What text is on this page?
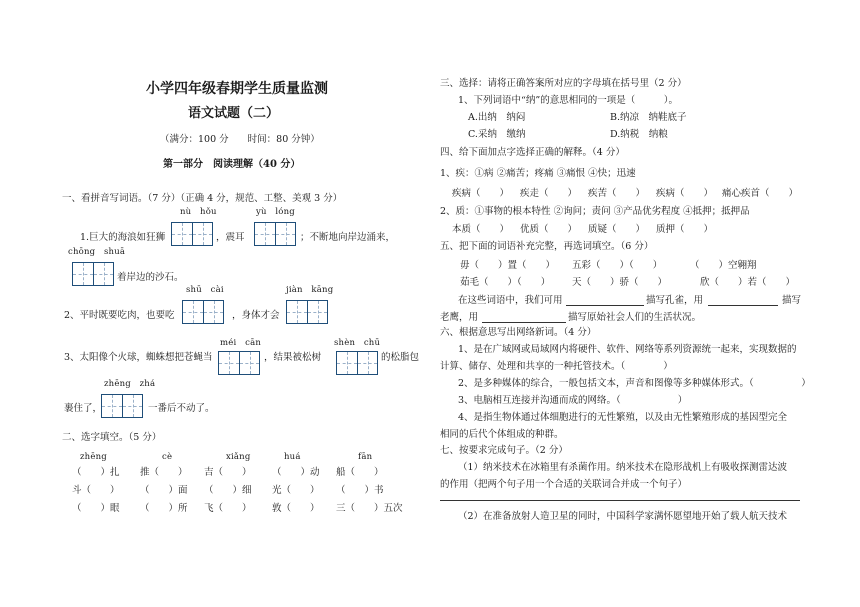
小学四年级春期学生质量监测
语文试题（二）
（满分：100 分　　时间：80 分钟）
第一部分　阅读理解（40 分）
一、看拼音写词语。（7 分）（正确 4 分，规范、工整、美观 3 分）
nù　hǒu	yù　lóng
1.巨大的海浪如狂狮	，震耳	；不断地向岸边涌来，
chōng　shuā
着岸边的沙石。
shū　cài	jiàn　kāng
2、平时既要吃肉，也要吃	，身体才会
méi　cān	shèn　chū
3、太阳像个火球，蜘蛛想把苍蝇当	，结果被松树	的松脂包
zhēng　zhá
裹住了，	一番后不动了。
二、选字填空。（5 分）
zhēng	cè	xiǎng	huá	fān
（　　）扎 推（　　） 吉（　　） （　　）动 船（　　）
斗（　　） （　　）面 （　　）细 光（　　） （　　）书
（　　）眼 （　　）所 飞（　　） 敦（　　） 三（　　）五次
三、选择：请将正确答案所对应的字母填在括号里（2 分）
1、下列词语中“纳”的意思相同的一项是（　　　）。
A.出纳　纳闷	B.纳凉　纳鞋底子
C.采纳　缴纳	D.纳税　纳粮
四、给下面加点字选择正确的解释。（4 分）
1、疾：①病 ②痛苦；疼痛 ③痛恨 ④快；迅速
疾病（　　） 疾走（　　） 疾苦（　　） 疾病（　　） 痛心疾首（　　）
2、质：①事物的根本特性 ②询问；责问 ③产品优劣程度 ④抵押；抵押品
本质（　　） 优质（　　） 质疑（　　） 质押（　　）
五、把下面的词语补充完整，再选词填空。（6 分）
毋（　　）置（　　） 五彩（　　）（　　）	（　　）空翱翔
茹毛（　　）（　　） 天（　　）骄（　　）	欣（　　）若（　　）
在这些词语中，我们可用	描写孔雀，用	描写
老鹰，用	描写原始社会人们的生活状况。
六、根据意思写出网络新词。（4 分）
1、是在广域网或局域网内将硬件、软件、网络等系列资源统一起来，实现数据的
计算、储存、处理和共享的一种托管技术。（　　　　）
2、是多种媒体的综合，一般包括文本，声音和图像等多种媒体形式。（　　　　　）
3、电脑相互连接并沟通而成的网络。（　　　　　　）
4、是指生物体通过体细胞进行的无性繁殖，以及由无性繁殖形成的基因型完全
相同的后代个体组成的种群。
七、按要求完成句子。（2 分）
（1）纳米技术在冰箱里有杀菌作用。纳米技术在隐形战机上有吸收探测雷达波
的作用（把两个句子用一个合适的关联词合并成一个句子）
（2）在准备放射人造卫星的同时，中国科学家满怀愿望地开始了载人航天技术
